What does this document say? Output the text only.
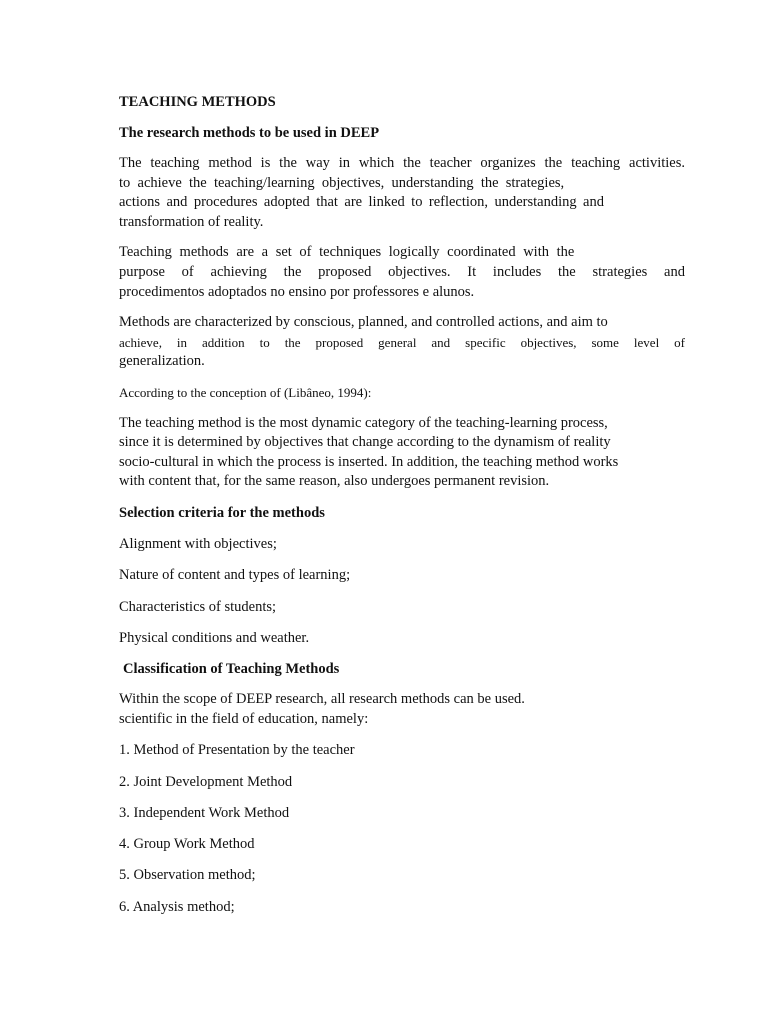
TEACHING METHODS
The research methods to be used in DEEP
The teaching method is the way in which the teacher organizes the teaching activities.
to achieve the teaching/learning objectives, understanding the strategies,
actions and procedures adopted that are linked to reflection, understanding and
transformation of reality.
Teaching methods are a set of techniques logically coordinated with the
purpose of achieving the proposed objectives. It includes the strategies and
procedimentos adoptados no ensino por professores e alunos.
Methods are characterized by conscious, planned, and controlled actions, and aim to
achieve, in addition to the proposed general and specific objectives, some level of
generalization.
According to the conception of (Libâneo, 1994):
The teaching method is the most dynamic category of the teaching-learning process,
since it is determined by objectives that change according to the dynamism of reality
socio-cultural in which the process is inserted. In addition, the teaching method works
with content that, for the same reason, also undergoes permanent revision.
Selection criteria for the methods
Alignment with objectives;
Nature of content and types of learning;
Characteristics of students;
Physical conditions and weather.
Classification of Teaching Methods
Within the scope of DEEP research, all research methods can be used.
scientific in the field of education, namely:
1. Method of Presentation by the teacher
2. Joint Development Method
3. Independent Work Method
4. Group Work Method
5. Observation method;
6. Analysis method;
